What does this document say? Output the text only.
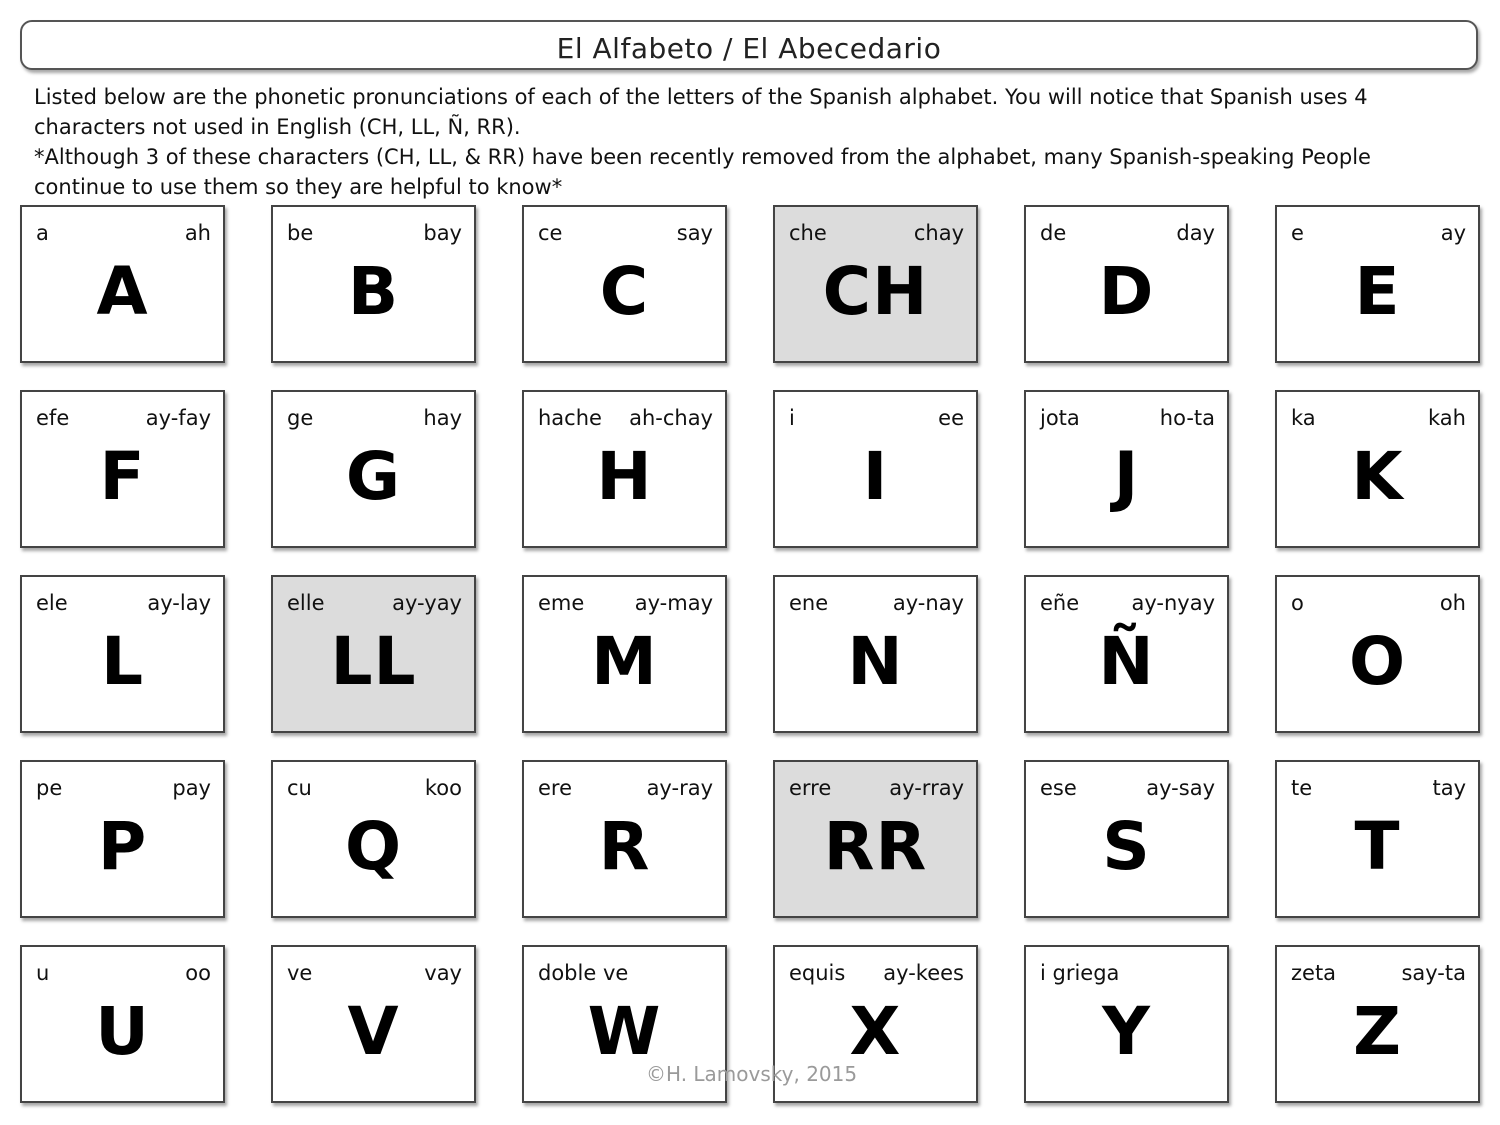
El Alfabeto / El Abecedario

Listed below are the phonetic pronunciations of each of the letters of the Spanish alphabet. You will notice that Spanish uses 4 characters not used in English (CH, LL, Ñ, RR).

*Although 3 of these characters (CH, LL, & RR) have been recently removed from the alphabet, many Spanish-speaking People continue to use them so they are helpful to know*

a	ah
A
be	bay
B
ce	say
C
che	chay
CH
de	day
D
e	ay
E
efe	ay-fay
F
ge	hay
G
hache ah-chay
H
i	ee
I
jota	ho-ta
J
ka	kah
K
ele	ay-lay
L
elle	ay-yay
LL
eme ay-may
M
ene	ay-nay
N
eñe ay-nyay
Ñ
o	oh
O
pe	pay
P
cu	koo
Q
ere	ay-ray
R
erre	ay-rray
RR
ese	ay-say
S
te	tay
T
u	oo
U
ve	vay
V
doble ve
W
equis ay-kees
X
i griega
Y
zeta	say-ta
Z
©H. Lamovsky, 2015
